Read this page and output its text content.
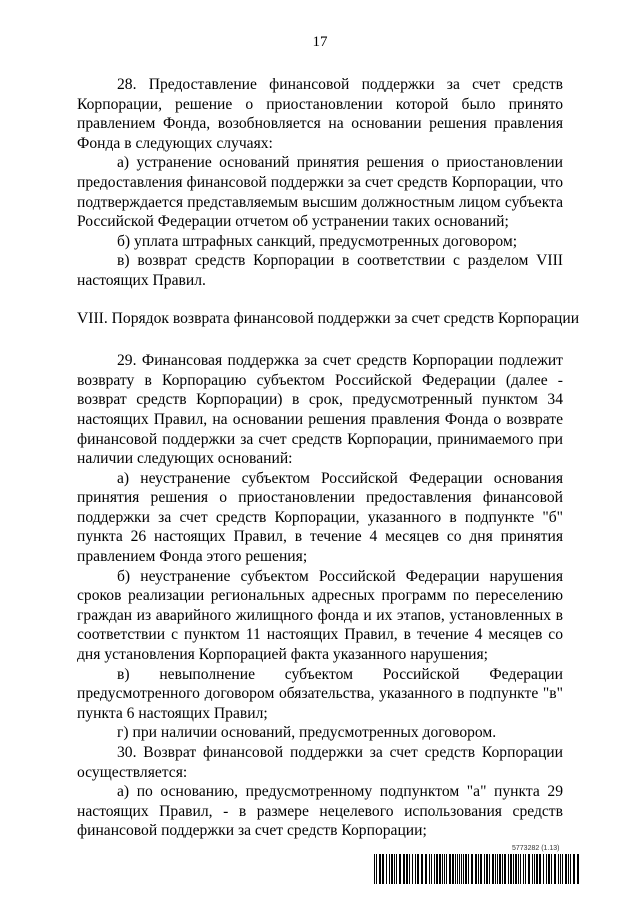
17

28. Предоставление финансовой поддержки за счет средств Корпорации, решение о приостановлении которой было принято правлением Фонда, возобновляется на основании решения правления Фонда в следующих случаях:

а) устранение оснований принятия решения о приостановлении предоставления финансовой поддержки за счет средств Корпорации, что подтверждается представляемым высшим должностным лицом субъекта Российской Федерации отчетом об устранении таких оснований;

б) уплата штрафных санкций, предусмотренных договором;

в) возврат средств Корпорации в соответствии с разделом VIII настоящих Правил.

VIII. Порядок возврата финансовой поддержки за счет средств Корпорации

29. Финансовая поддержка за счет средств Корпорации подлежит возврату в Корпорацию субъектом Российской Федерации (далее - возврат средств Корпорации) в срок, предусмотренный пунктом 34 настоящих Правил, на основании решения правления Фонда о возврате финансовой поддержки за счет средств Корпорации, принимаемого при наличии следующих оснований:

а) неустранение субъектом Российской Федерации основания принятия решения о приостановлении предоставления финансовой поддержки за счет средств Корпорации, указанного в подпункте "б" пункта 26 настоящих Правил, в течение 4 месяцев со дня принятия правлением Фонда этого решения;

б) неустранение субъектом Российской Федерации нарушения сроков реализации региональных адресных программ по переселению граждан из аварийного жилищного фонда и их этапов, установленных в соответствии с пунктом 11 настоящих Правил, в течение 4 месяцев со дня установления Корпорацией факта указанного нарушения;

в) невыполнение субъектом Российской Федерации предусмотренного договором обязательства, указанного в подпункте "в" пункта 6 настоящих Правил;

г) при наличии оснований, предусмотренных договором.

30. Возврат финансовой поддержки за счет средств Корпорации осуществляется:

а) по основанию, предусмотренному подпунктом "а" пункта 29 настоящих Правил, - в размере нецелевого использования средств финансовой поддержки за счет средств Корпорации;

5773282 (1.13)
